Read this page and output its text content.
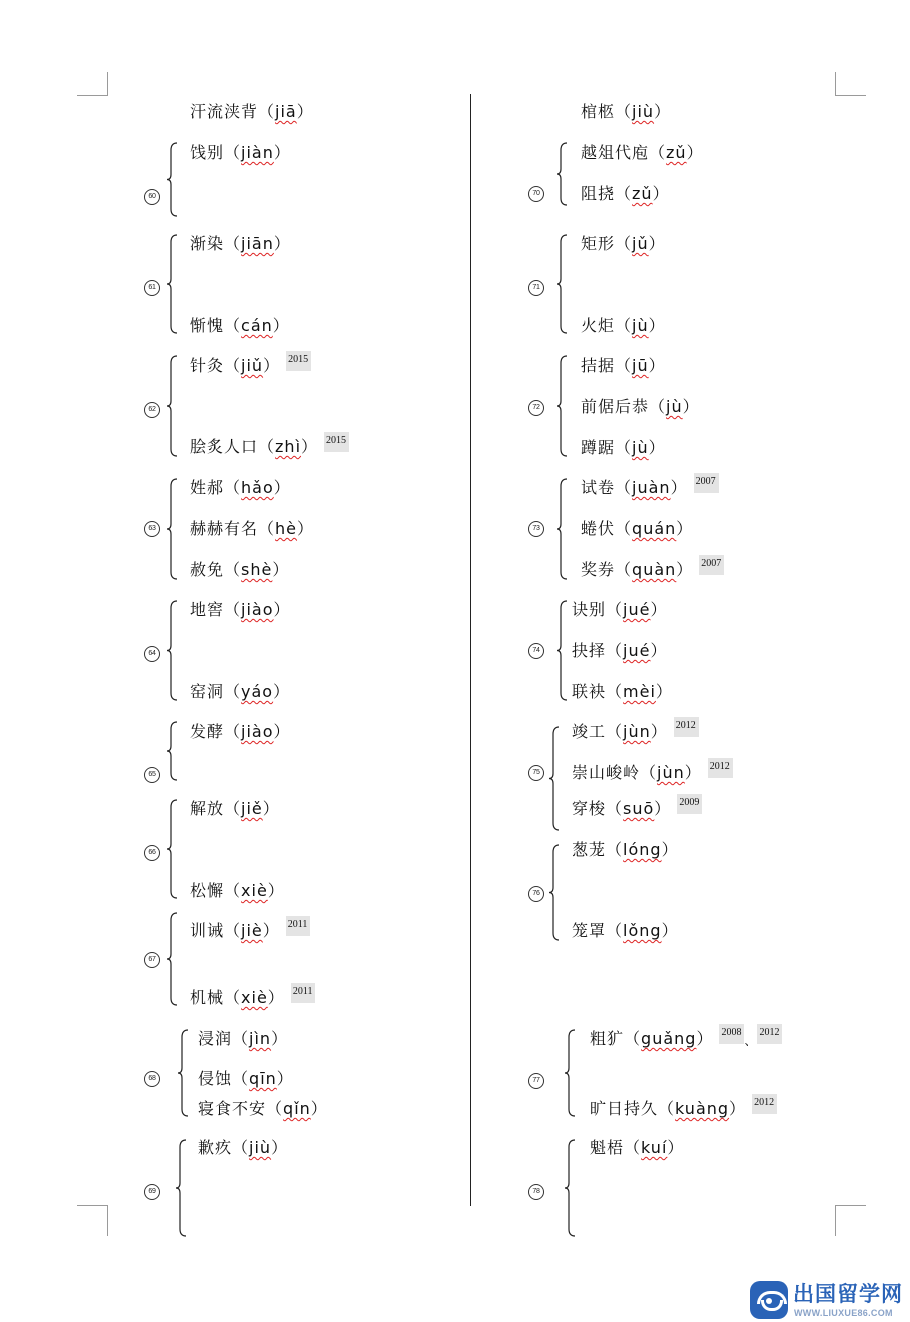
汗流浃背（jiā）
饯别（jiàn）
渐染（jiān）
惭愧（cán）
针灸（jiǔ） 2015
脍炙人口（zhì） 2015
姓郝（hǎo）
赫赫有名（hè）
赦免（shè）
地窖（jiào）
窑洞（yáo）
发酵（jiào）
解放（jiě）
松懈（xiè）
训诫（jiè） 2011
机械（xiè） 2011
浸润（jìn）
侵蚀（qīn）
寝食不安（qǐn）
歉疚（jiù）
棺柩（jiù）
越俎代庖（zǔ）
阻挠（zǔ）
矩形（jǔ）
火炬（jù）
拮据（jū）
前倨后恭（jù）
蹲踞（jù）
试卷（juàn） 2007
蜷伏（quán）
奖券（quàn） 2007
诀别（jué）
抉择（jué）
联袂（mèi）
竣工（jùn） 2012
崇山峻岭（jùn） 2012
穿梭（suō） 2009
葱茏（lóng）
笼罩（lǒng）
粗犷（guǎng） 2008、2012
旷日持久（kuàng） 2012
魁梧（kuí）
60
61
62
63
64
65
66
67
68
69
70
71
72
73
74
75
76
77
78
出国留学网
WWW.LIUXUE86.COM
